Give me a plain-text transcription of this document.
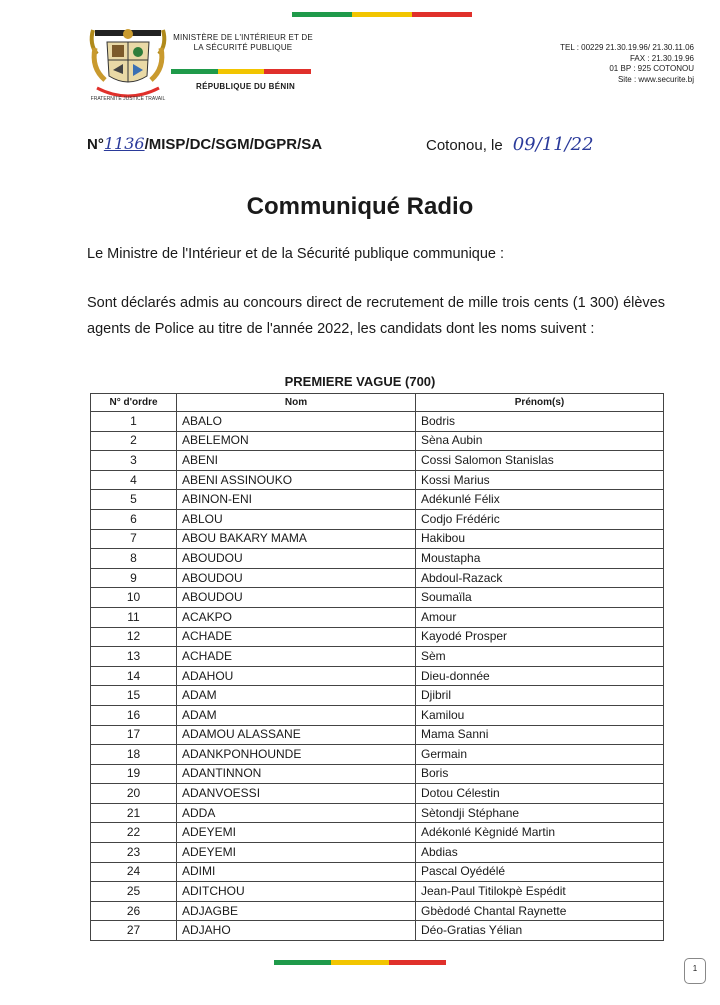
FRATERNITÉ JUSTICE TRAVAIL
MINISTÈRE DE L'INTÉRIEUR ET DE LA SÉCURITÉ PUBLIQUE
RÉPUBLIQUE DU BÉNIN
TEL : 00229 21.30.19.96/ 21.30.11.06
FAX : 21.30.19.96
01 BP : 925 COTONOU
Site : www.securite.bj
N°1136/MISP/DC/SGM/DGPR/SA	Cotonou, le 09/11/22
Communiqué Radio
Le Ministre de l'Intérieur et de la Sécurité publique communique :
Sont déclarés admis au concours direct de recrutement de mille trois cents (1 300) élèves agents de Police au titre de l'année 2022, les candidats dont les noms suivent :
PREMIERE VAGUE (700)
N° d'ordre	Nom	Prénom(s)
1	ABALO	Bodris
2	ABELEMON	Sèna Aubin
3	ABENI	Cossi Salomon Stanislas
4	ABENI ASSINOUKO	Kossi Marius
5	ABINON-ENI	Adékunlé Félix
6	ABLOU	Codjo Frédéric
7	ABOU BAKARY MAMA	Hakibou
8	ABOUDOU	Moustapha
9	ABOUDOU	Abdoul-Razack
10	ABOUDOU	Soumaïla
11	ACAKPO	Amour
12	ACHADE	Kayodé Prosper
13	ACHADE	Sèm
14	ADAHOU	Dieu-donnée
15	ADAM	Djibril
16	ADAM	Kamilou
17	ADAMOU ALASSANE	Mama Sanni
18	ADANKPONHOUNDE	Germain
19	ADANTINNON	Boris
20	ADANVOESSI	Dotou Célestin
21	ADDA	Sètondji Stéphane
22	ADEYEMI	Adékonlé Kègnidé Martin
23	ADEYEMI	Abdias
24	ADIMI	Pascal Oyédélé
25	ADITCHOU	Jean-Paul Titilokpè Espédit
26	ADJAGBE	Gbèdodé Chantal Raynette
27	ADJAHO	Déo-Gratias Yélian
1
